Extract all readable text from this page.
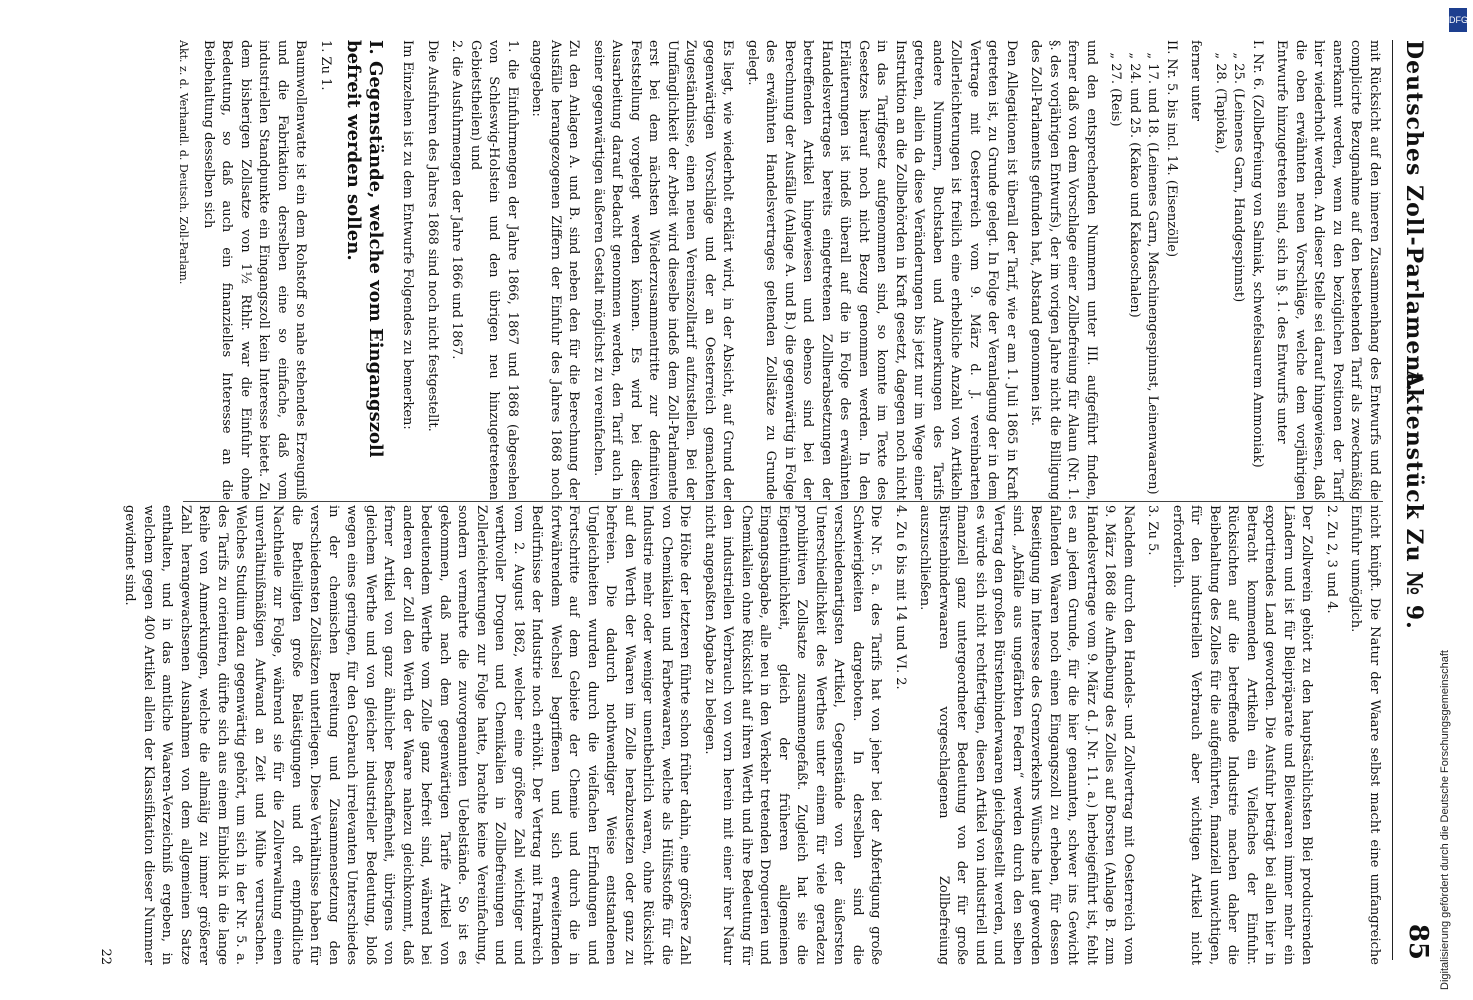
Deutsches Zoll-Parlament.
Aktenstück Zu № 9.
85

mit Rücksicht auf den inneren Zusammenhang des Entwurfs und die complicirte Bezugnahme auf den bestehenden Tarif als zweckmäßig anerkannt werden, wenn zu den bezüglichen Positionen der Tarif hier wiederholt werden. An dieser Stelle sei darauf hingewiesen, daß die oben erwähnten neuen Vorschläge, welche dem vorjährigen Entwurfe hinzugetreten sind, sich in §. 1. des Entwurfs unter

I. Nr. 6. (Zollbefreiung von Salmiak, schwefelsaurem Ammoniak)
„ 25. (Leinenes Garn, Handgespinnst)
„ 28. (Tapioka),

ferner unter

II. Nr. 5. bis incl. 14. (Eisenzölle)
„ 17. und 18. (Leinenes Garn, Maschinengespinnst, Leinenwaaren)
„ 24. und 25. (Kakao und Kakaoschalen)
„ 27. (Reis)

und den entsprechenden Nummern unter III. aufgeführt finden, ferner daß von dem Vorschlage einer Zollbefreiung für Alaun (Nr. 1. §. des vorjährigen Entwurfs), der im vorigen Jahre nicht die Billigung des Zoll-Parlaments gefunden hat, Abstand genommen ist.

Den Allegationen ist überall der Tarif, wie er am 1. Juli 1865 in Kraft getreten ist, zu Grunde gelegt. In Folge der Veranlagung der in dem Vertrage mit Oesterreich vom 9. März d. J. vereinbarten Zollerleichterungen ist freilich eine erhebliche Anzahl von Artikeln andere Nummern, Buchstaben und Anmerkungen des Tarifs getreten, allein da diese Veränderungen bis jetzt nur im Wege einer Instruktion an die Zollbehörden in Kraft gesetzt, dagegen noch nicht in das Tarifgesetz aufgenommen sind, so konnte im Texte des Gesetzes hierauf noch nicht Bezug genommen werden. In den Erläuterungen ist indeß überall auf die in Folge des erwähnten Handelsvertrages bereits eingetretenen Zollherabsetzungen der betreffenden Artikel hingewiesen und ebenso sind bei der Berechnung der Ausfälle (Anlage A. und B.) die gegenwärtig in Folge des erwähnten Handelsvertrages geltenden Zollsätze zu Grunde gelegt.

Es liegt, wie wiederholt erklärt wird, in der Absicht, auf Grund der gegenwärtigen Vorschläge und der an Oesterreich gemachten Zugeständnisse, einen neuen Vereinszolltarif aufzustellen. Bei der Umfänglichkeit der Arbeit wird dieselbe indeß dem Zoll-Parlamente erst bei dem nächsten Wiederzusammentritte zur definitiven Feststellung vorgelegt werden können. Es wird bei dieser Ausarbeitung darauf Bedacht genommen werden, den Tarif auch in seiner gegenwärtigen äußeren Gestalt möglichst zu vereinfachen.

Zu den Anlagen A. und B. sind neben den für die Berechnung der Ausfälle herangezogenen Ziffern der Einfuhr des Jahres 1868 noch angegeben:

1. die Einfuhrmengen der Jahre 1866, 1867 und 1868 (abgesehen von Schleswig-Holstein und den übrigen neu hinzugetretenen Gebietstheilen) und
2. die Ausfuhrmengen der Jahre 1866 und 1867.

Die Ausfuhren des Jahres 1868 sind noch nicht festgestellt.

Im Einzelnen ist zu dem Entwurfe Folgendes zu bemerken:

I. Gegenstände, welche vom Eingangszoll befreit werden sollen.

1. Zu 1.

Baumwollenwatte ist ein dem Rohstoff so nahe stehendes Erzeugniß und die Fabrikation derselben eine so einfache, daß vom industriellen Standpunkte ein Eingangszoll kein Interesse bietet. Zu dem bisherigen Zollsatze von 1½ Rthlr. war die Einfuhr ohne Bedeutung, so daß auch ein finanzielles Interesse an die Beibehaltung desselben sich

Akt. z. d. Verhandl. d. Deutsch. Zoll-Parlam.

nicht knüpft. Die Natur der Waare selbst macht eine umfangreiche Einfuhr unmöglich.

2. Zu 2, 3 und 4.

Der Zollverein gehört zu den hauptsächlichsten Blei producirenden Ländern und ist für Bleipräparate und Bleiwaaren immer mehr ein exportirendes Land geworden. Die Ausfuhr beträgt bei allen hier in Betracht kommenden Artikeln ein Vielfaches der Einfuhr. Rücksichten auf die betreffende Industrie machen daher die Beibehaltung des Zolles für die aufgeführten, finanziell unwichtigen, für den industriellen Verbrauch aber wichtigen Artikel nicht erforderlich.

3. Zu 5.

Nachdem durch den Handels- und Zollvertrag mit Oesterreich vom 9. März 1868 die Aufhebung des Zolles auf Borsten (Anlage B. zum Handelsvertrage vom 9. März d. J. Nr. 11. a.) herbeigeführt ist, fehlt es an jedem Grunde, für die hier genannten, schwer ins Gewicht fallenden Waaren noch einen Eingangszoll zu erheben, für dessen Beseitigung im Interesse des Grenzverkehrs Wünsche laut geworden sind. „Abfälle aus ungefärbten Federn“ werden durch den selben Vertrag den großen Bürstenbinderwaaren gleichgestellt werden, und es würde sich nicht rechtfertigen, diesen Artikel von industriell und finanziell ganz untergeordneter Bedeutung von der für große Bürstenbinderwaaren vorgeschlagenen Zollbefreiung auszuschließen.

4. Zu 6 bis mit 14 und VI. 2.

Die Nr. 5. a. des Tarifs hat von jeher bei der Abfertigung große Schwierigkeiten dargeboten. In derselben sind die verschiedenartigsten Artikel, Gegenstände von der äußersten Unterschiedlichkeit des Werthes unter einem für viele geradezu prohibitiven Zollsatze zusammengefaßt. Zugleich hat sie die Eigenthümlichkeit, gleich der früheren allgemeinen Eingangsabgabe, alle neu in den Verkehr tretenden Droguerien und Chemikalien ohne Rücksicht auf ihren Werth und ihre Bedeutung für den industriellen Verbrauch von vorn herein mit einer ihrer Natur nicht angepaßten Abgabe zu belegen.

Die Höhe der letzteren führte schon früher dahin, eine größere Zahl von Chemikalien und Farbewaaren, welche als Hülfsstoffe für die Industrie mehr oder weniger unentbehrlich waren, ohne Rücksicht auf den Werth der Waaren im Zolle herabzusetzen oder ganz zu befreien. Die dadurch nothwendiger Weise entstandenen Ungleichheiten wurden durch die vielfachen Erfindungen und Fortschritte auf dem Gebiete der Chemie und durch die in fortwährendem Wechsel begriffenen und sich erweiternden Bedürfnisse der Industrie noch erhöht. Der Vertrag mit Frankreich vom 2. August 1862, welcher eine größere Zahl wichtiger und werthvoller Droguen und Chemikalien in Zollbefreiungen und Zollerleichterungen zur Folge hatte, brachte keine Vereinfachung, sondern vermehrte die zuvorgenannten Uebelstände. So ist es gekommen, daß nach dem gegenwärtigen Tarife Artikel von bedeutendem Werthe vom Zolle ganz befreit sind, während bei anderen der Zoll den Werth der Waare nahezu gleichkommt, daß ferner Artikel von ganz ähnlicher Beschaffenheit, übrigens von gleichem Werthe und von gleicher industrieller Bedeutung, bloß wegen eines geringen, für den Gebrauch irrelevanten Unterschiedes in der chemischen Bereitung und Zusammensetzung den verschiedensten Zollsätzen unterliegen. Diese Verhältnisse haben für die Betheiligten große Belästigungen und oft empfindliche Nachtheile zur Folge, während sie für die Zollverwaltung einen unverhältnißmäßigen Aufwand an Zeit und Mühe verursachen. Welches Studium dazu gegenwärtig gehört, um sich in der Nr. 5. a. des Tarifs zu orientiren, dürfte sich aus einem Einblick in die lange Reihe von Anmerkungen, welche die allmälig zu immer größerer Zahl herangewachsenen Ausnahmen von dem allgemeinen Satze enthalten, und in das amtliche Waaren-Verzeichniß ergeben, in welchem gegen 400 Artikel allein der Klassifikation dieser Nummer gewidmet sind.

22	Digitalisierung gefördert durch die Deutsche Forschungsgemeinschaft
DFG
